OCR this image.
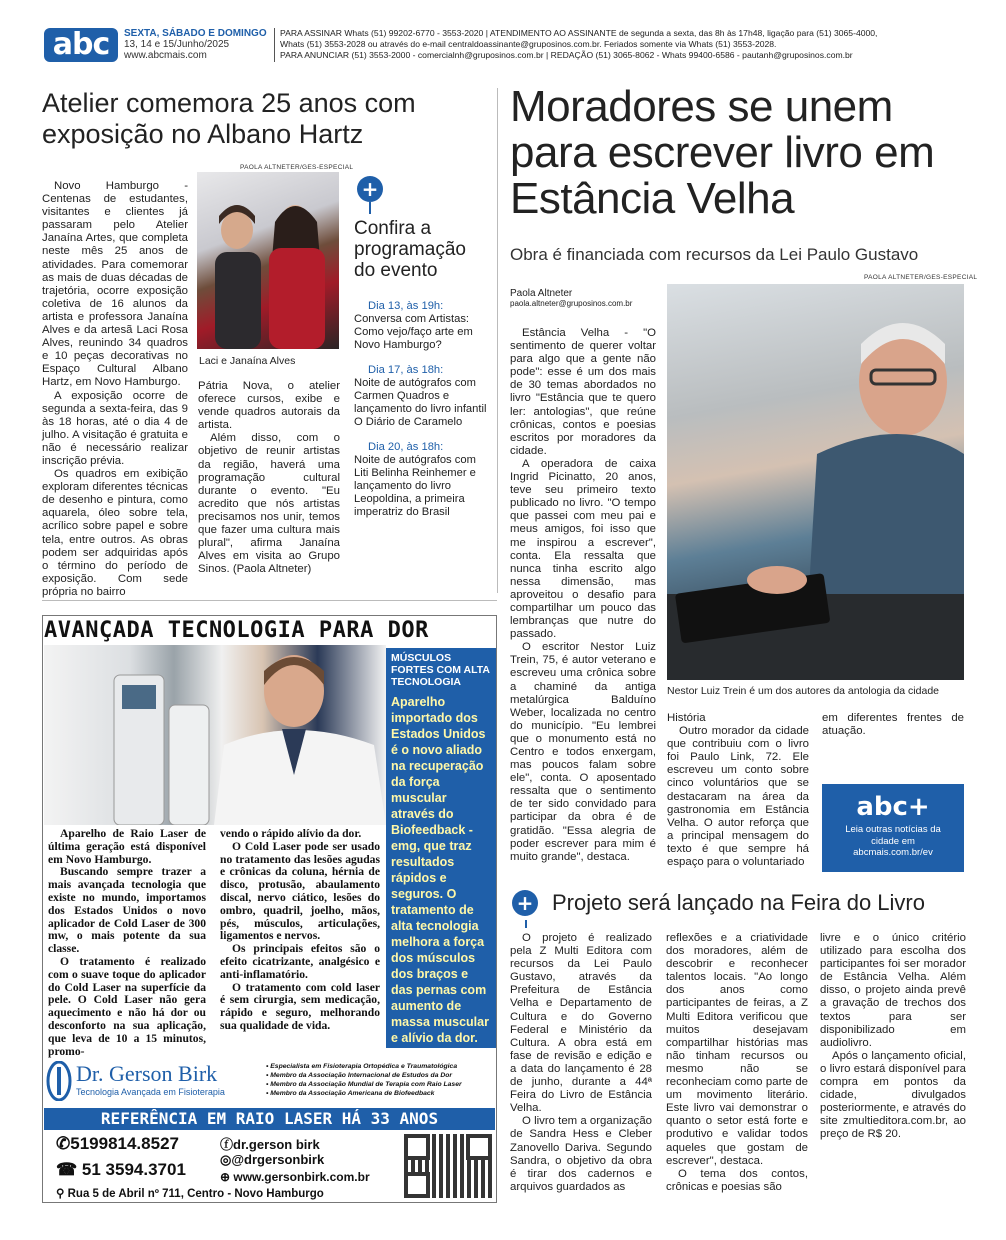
abc	SEXTA, SÁBADO E DOMINGO
13, 14 e 15/Junho/2025
www.abcmais.com
PARA ASSINAR Whats (51) 99202-6770 - 3553-2020 | ATENDIMENTO AO ASSINANTE de segunda a sexta, das 8h às 17h48, ligação para (51) 3065-4000,
Whats (51) 3553-2028 ou através do e-mail centraldoassinante@gruposinos.com.br. Feriados somente via Whats (51) 3553-2028.
PARA ANUNCIAR (51) 3553-2000 - comercialnh@gruposinos.com.br | REDAÇÃO (51) 3065-8062 - Whats 99400-6586 - pautanh@gruposinos.com.br
Atelier comemora 25 anos com exposição no Albano Hartz

Novo Hamburgo - Centenas de estudantes, visitantes e clientes já passaram pelo Atelier Janaína Artes, que completa neste mês 25 anos de atividades. Para comemorar as mais de duas décadas de trajetória, ocorre exposição coletiva de 16 alunos da artista e professora Janaína Alves e da artesã Laci Rosa Alves, reunindo 34 quadros e 10 peças decorativas no Espaço Cultural Albano Hartz, em Novo Hamburgo.

A exposição ocorre de segunda a sexta-feira, das 9 às 18 horas, até o dia 4 de julho. A visitação é gratuita e não é necessário realizar inscrição prévia.

Os quadros em exibição exploram diferentes técnicas de desenho e pintura, como aquarela, óleo sobre tela, acrílico sobre papel e sobre tela, entre outros. As obras podem ser adquiridas após o término do período de exposição. Com sede própria no bairro

PAOLA ALTNETER/GES-ESPECIAL
Laci e Janaína Alves

Pátria Nova, o atelier oferece cursos, exibe e vende quadros autorais da artista.

Além disso, com o objetivo de reunir artistas da região, haverá uma programação cultural durante o evento. "Eu acredito que nós artistas precisamos nos unir, temos que fazer uma cultura mais plural", afirma Janaína Alves em visita ao Grupo Sinos. (Paola Altneter)

+
Confira a programação do evento
Dia 13, às 19h:
Conversa com Artistas: Como vejo/faço arte em Novo Hamburgo?
Dia 17, às 18h:
Noite de autógrafos com Carmen Quadros e lançamento do livro infantil O Diário de Caramelo
Dia 20, às 18h:
Noite de autógrafos com Liti Belinha Reinhemer e lançamento do livro Leopoldina, a primeira imperatriz do Brasil
Moradores se unem para escrever livro em Estância Velha
Obra é financiada com recursos da Lei Paulo Gustavo
PAOLA ALTNETER/GES-ESPECIAL
Paola Altneter
paola.altneter@gruposinos.com.br
Nestor Luiz Trein é um dos autores da antologia da cidade

Estância Velha - "O sentimento de querer voltar para algo que a gente não pode": esse é um dos mais de 30 temas abordados no livro "Estância que te quero ler: antologias", que reúne crônicas, contos e poesias escritos por moradores da cidade.

A operadora de caixa Ingrid Picinatto, 20 anos, teve seu primeiro texto publicado no livro. "O tempo que passei com meu pai e meus amigos, foi isso que me inspirou a escrever", conta. Ela ressalta que nunca tinha escrito algo nessa dimensão, mas aproveitou o desafio para compartilhar um pouco das lembranças que nutre do passado.

O escritor Nestor Luiz Trein, 75, é autor veterano e escreveu uma crônica sobre a chaminé da antiga metalúrgica Balduíno Weber, localizada no centro do município. "Eu lembrei que o monumento está no Centro e todos enxergam, mas poucos falam sobre ele", conta. O aposentado ressalta que o sentimento de ter sido convidado para participar da obra é de gratidão. "Essa alegria de poder escrever para mim é muito grande", destaca.

História

Outro morador da cidade que contribuiu com o livro foi Paulo Link, 72. Ele escreveu um conto sobre cinco voluntários que se destacaram na área da gastronomia em Estância Velha. O autor reforça que a principal mensagem do texto é que sempre há espaço para o voluntariado

em diferentes frentes de atuação.
abc+
Leia outras notícias da cidade em abcmais.com.br/ev
+ Projeto será lançado na Feira do Livro

O projeto é realizado pela Z Multi Editora com recursos da Lei Paulo Gustavo, através da Prefeitura de Estância Velha e Departamento de Cultura e do Governo Federal e Ministério da Cultura. A obra está em fase de revisão e edição e a data do lançamento é 28 de junho, durante a 44ª Feira do Livro de Estância Velha.

O livro tem a organização de Sandra Hess e Cleber Zanovello Dariva. Segundo Sandra, o objetivo da obra é tirar dos cadernos e arquivos guardados as

reflexões e a criatividade dos moradores, além de descobrir e reconhecer talentos locais. "Ao longo dos anos como participantes de feiras, a Z Multi Editora verificou que muitos desejavam compartilhar histórias mas não tinham recursos ou mesmo não se reconheciam como parte de um movimento literário. Este livro vai demonstrar o quanto o setor está forte e produtivo e validar todos aqueles que gostam de escrever", destaca.

O tema dos contos, crônicas e poesias são

livre e o único critério utilizado para escolha dos participantes foi ser morador de Estância Velha. Além disso, o projeto ainda prevê a gravação de trechos dos textos para ser disponibilizado em audiolivro.

Após o lançamento oficial, o livro estará disponível para compra em pontos da cidade, divulgados posteriormente, e através do site zmultieditora.com.br, ao preço de R$ 20.

AVANÇADA TECNOLOGIA PARA DOR
MÚSCULOS FORTES COM ALTA TECNOLOGIA
Aparelho importado dos Estados Unidos é o novo aliado na recuperação da força muscular através do Biofeedback -emg, que traz resultados rápidos e seguros. O tratamento de alta tecnologia melhora a força dos músculos dos braços e das pernas com aumento de massa muscular e alívio da dor.

Aparelho de Raio Laser de última geração está disponível em Novo Hamburgo.

Buscando sempre trazer a mais avançada tecnologia que existe no mundo, importamos dos Estados Unidos o novo aplicador de Cold Laser de 300 mw, o mais potente da sua classe.

O tratamento é realizado com o suave toque do aplicador do Cold Laser na superfície da pele. O Cold Laser não gera aquecimento e não há dor ou desconforto na sua aplicação, que leva de 10 a 15 minutos, promo-

vendo o rápido alívio da dor.

O Cold Laser pode ser usado no tratamento das lesões agudas e crônicas da coluna, hérnia de disco, protusão, abaulamento discal, nervo ciático, lesões do ombro, quadril, joelho, mãos, pés, músculos, articulações, ligamentos e nervos.

Os principais efeitos são o efeito cicatrizante, analgésico e anti-inflamatório.

O tratamento com cold laser é sem cirurgia, sem medicação, rápido e seguro, melhorando sua qualidade de vida.

Dr. Gerson Birk
Tecnologia Avançada em Fisioterapia
• Especialista em Fisioterapia Ortopédica e Traumatológica
• Membro da Associação Internacional de Estudos da Dor
• Membro da Associação Mundial de Terapia com Raio Laser
• Membro da Associação Americana de Biofeedback
REFERÊNCIA EM RAIO LASER HÁ 33 ANOS
✆5199814.8527
☎ 51 3594.3701
ⓕdr.gerson birk
◎@drgersonbirk
⊕ www.gersonbirk.com.br
⚲ Rua 5 de Abril nº 711, Centro - Novo Hamburgo
